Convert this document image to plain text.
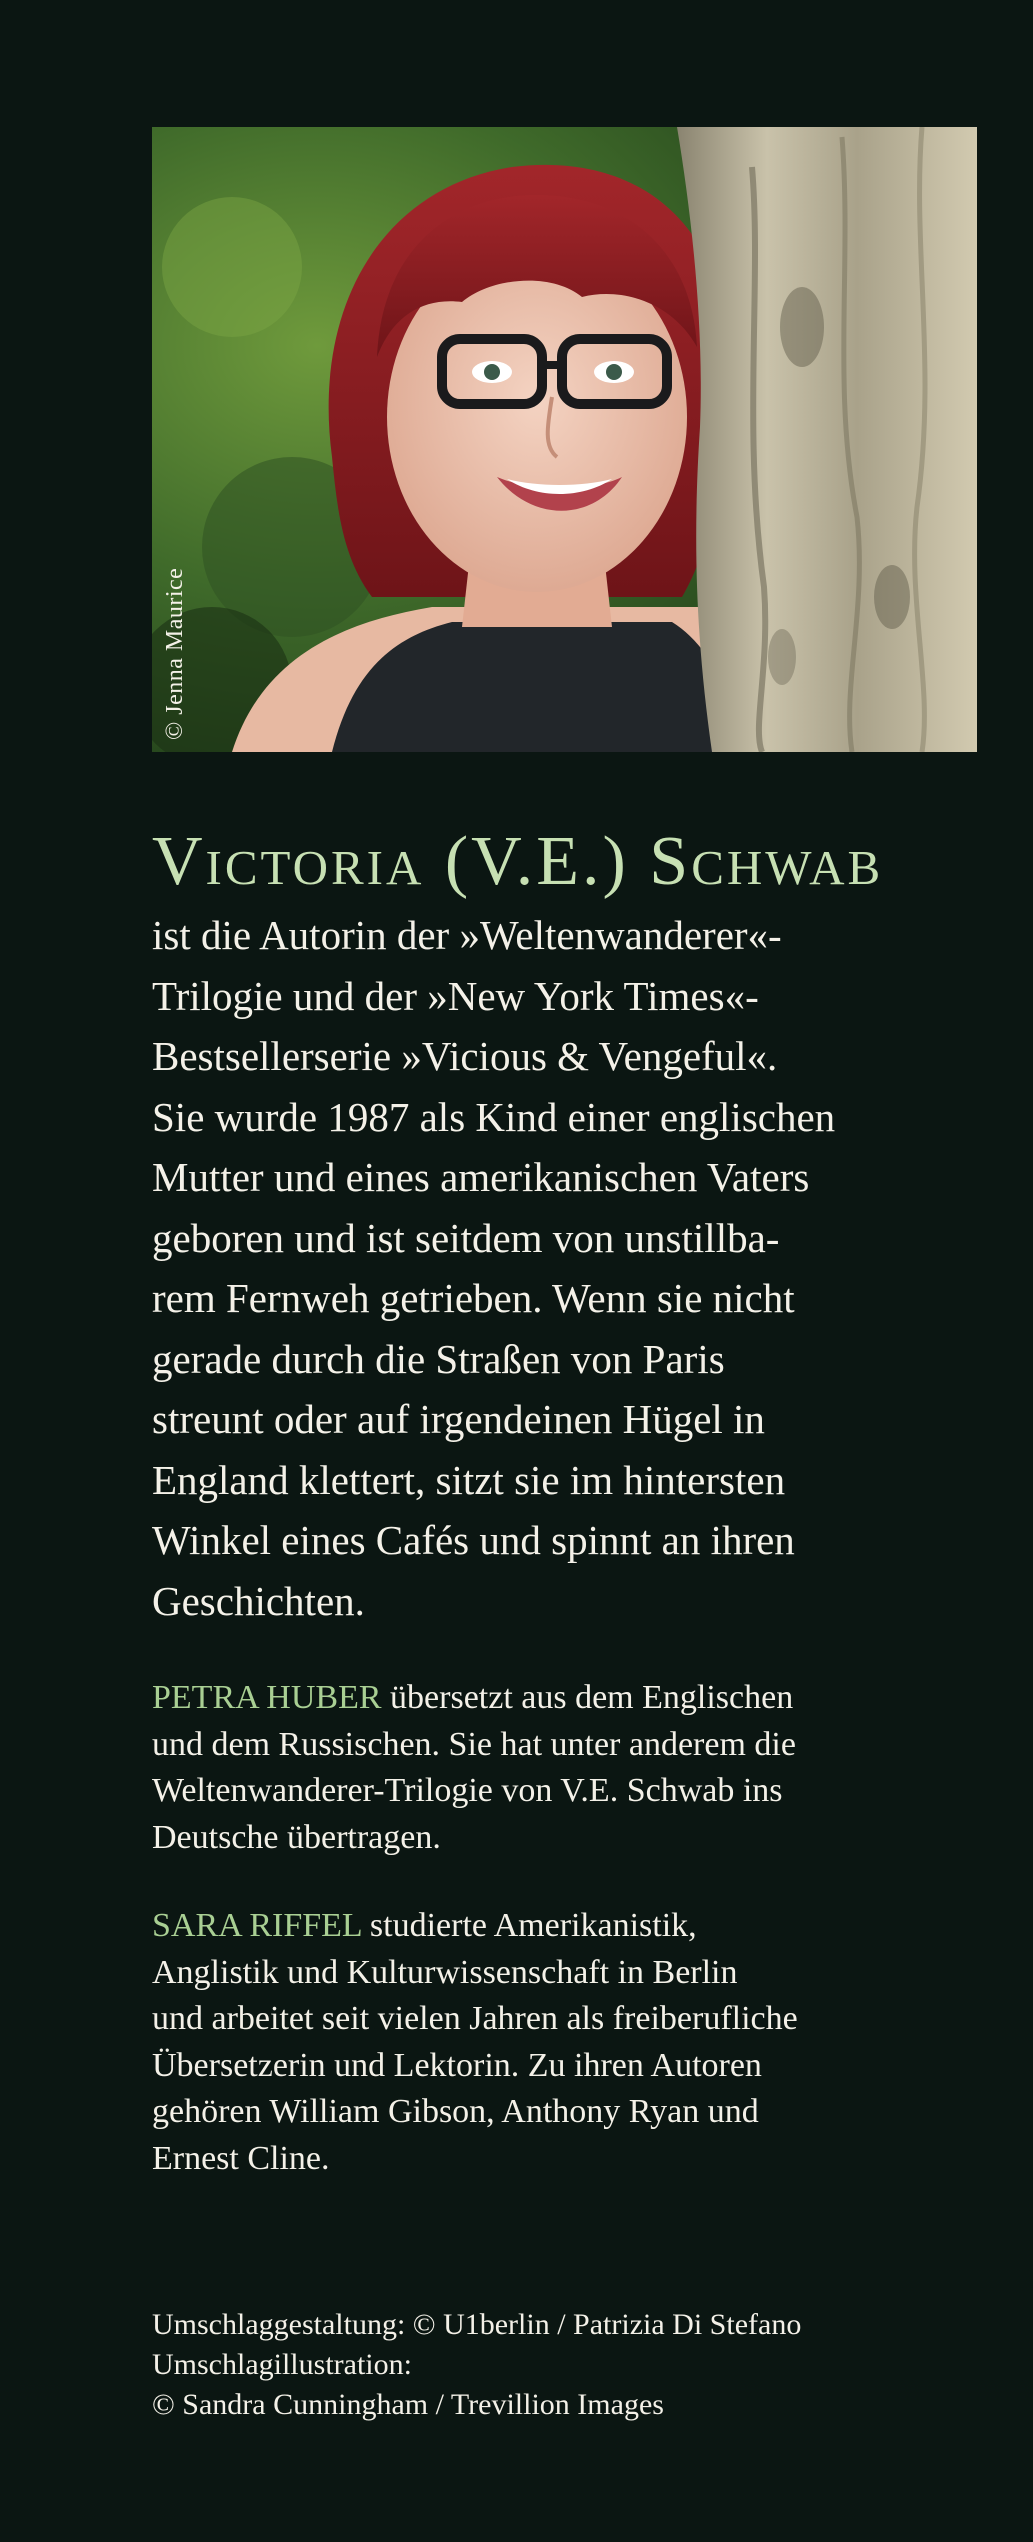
© Jenna Maurice
Victoria (V.E.) Schwab

ist die Autorin der »Weltenwanderer«-
Trilogie und der »New York Times«-
Bestsellerserie »Vicious & Vengeful«.
Sie wurde 1987 als Kind einer englischen
Mutter und eines amerikanischen Vaters
geboren und ist seitdem von unstillba-
rem Fernweh getrieben. Wenn sie nicht
gerade durch die Straßen von Paris
streunt oder auf irgendeinen Hügel in
England klettert, sitzt sie im hintersten
Winkel eines Cafés und spinnt an ihren
Geschichten.

PETRA HUBER übersetzt aus dem Englischen
und dem Russischen. Sie hat unter anderem die
Weltenwanderer-Trilogie von V.E. Schwab ins
Deutsche übertragen.

SARA RIFFEL studierte Amerikanistik,
Anglistik und Kulturwissenschaft in Berlin
und arbeitet seit vielen Jahren als freiberufliche
Übersetzerin und Lektorin. Zu ihren Autoren
gehören William Gibson, Anthony Ryan und
Ernest Cline.

Umschlaggestaltung: © U1berlin / Patrizia Di Stefano
Umschlagillustration:
© Sandra Cunningham / Trevillion Images
